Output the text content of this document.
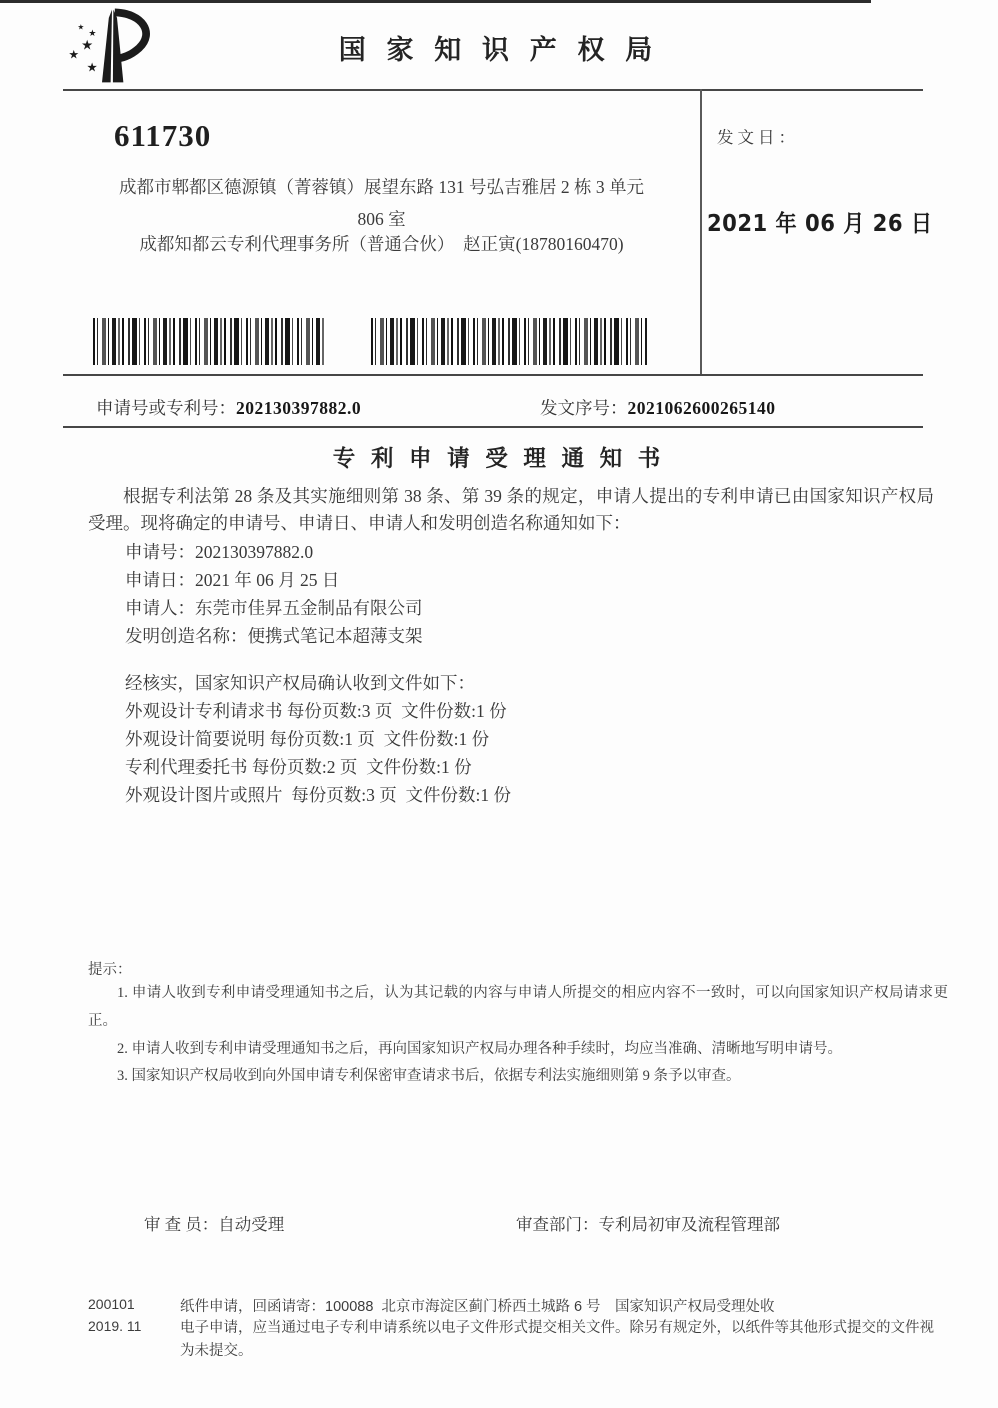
★
★
★
★
★
国 家 知 识 产 权 局
611730
成都市郫都区德源镇（菁蓉镇）展望东路 131 号弘吉雅居 2 栋 3 单元
806 室
成都知都云专利代理事务所（普通合伙）  赵正寅(18780160470)
发文日：
2021 年 06 月 26 日
申请号或专利号：202130397882.0	发文序号：2021062600265140
专 利 申 请 受 理 通 知 书
根据专利法第 28 条及其实施细则第 38 条、第 39 条的规定，申请人提出的专利申请已由国家知识产权局受理。现将确定的申请号、申请日、申请人和发明创造名称通知如下：
申请号：202130397882.0
申请日：2021 年 06 月 25 日
申请人：东莞市佳昇五金制品有限公司
发明创造名称：便携式笔记本超薄支架
经核实，国家知识产权局确认收到文件如下：
外观设计专利请求书 每份页数:3 页  文件份数:1 份
外观设计简要说明 每份页数:1 页  文件份数:1 份
专利代理委托书 每份页数:2 页  文件份数:1 份
外观设计图片或照片  每份页数:3 页  文件份数:1 份
提示：

1. 申请人收到专利申请受理通知书之后，认为其记载的内容与申请人所提交的相应内容不一致时，可以向国家知识产权局请求更正。

2. 申请人收到专利申请受理通知书之后，再向国家知识产权局办理各种手续时，均应当准确、清晰地写明申请号。

3. 国家知识产权局收到向外国申请专利保密审查请求书后，依据专利法实施细则第 9 条予以审查。

审 查 员：自动受理	审查部门：专利局初审及流程管理部
200101
2019. 11
纸件申请，回函请寄：100088  北京市海淀区蓟门桥西土城路 6 号　国家知识产权局受理处收
电子申请，应当通过电子专利申请系统以电子文件形式提交相关文件。除另有规定外，以纸件等其他形式提交的文件视为未提交。
